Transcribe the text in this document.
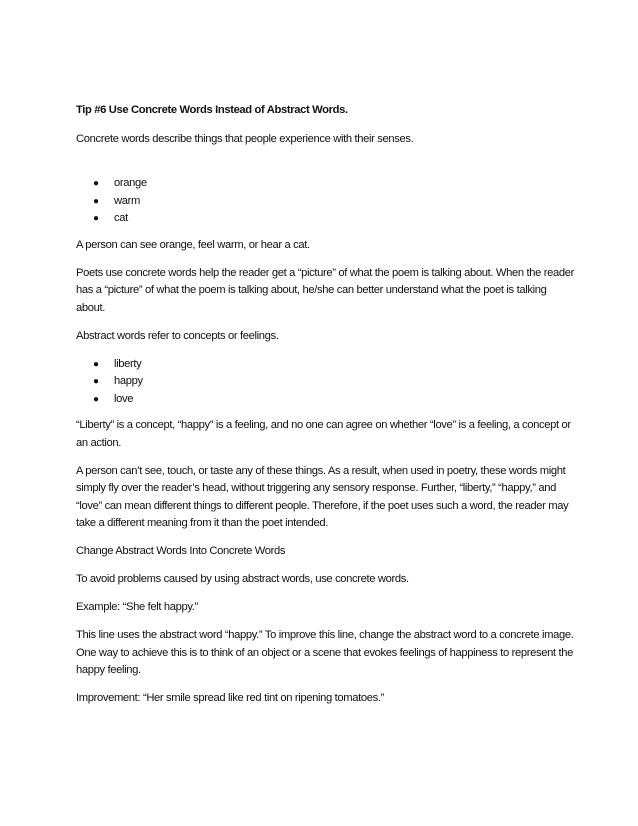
Tip #6 Use Concrete Words Instead of Abstract Words.

Concrete words describe things that people experience with their senses.

● orange
● warm
● cat

A person can see orange, feel warm, or hear a cat.

Poets use concrete words help the reader get a “picture” of what the poem is talking about. When the reader has a “picture” of what the poem is talking about, he/she can better understand what the poet is talking about.

Abstract words refer to concepts or feelings.

● liberty
● happy
● love

“Liberty” is a concept, “happy” is a feeling, and no one can agree on whether “love” is a feeling, a concept or an action.

A person can’t see, touch, or taste any of these things. As a result, when used in poetry, these words might simply fly over the reader’s head, without triggering any sensory response. Further, “liberty,” “happy,” and “love” can mean different things to different people. Therefore, if the poet uses such a word, the reader may take a different meaning from it than the poet intended.

Change Abstract Words Into Concrete Words

To avoid problems caused by using abstract words, use concrete words.

Example: “She felt happy.”

This line uses the abstract word “happy.” To improve this line, change the abstract word to a concrete image. One way to achieve this is to think of an object or a scene that evokes feelings of happiness to represent the happy feeling.

Improvement: “Her smile spread like red tint on ripening tomatoes.”
